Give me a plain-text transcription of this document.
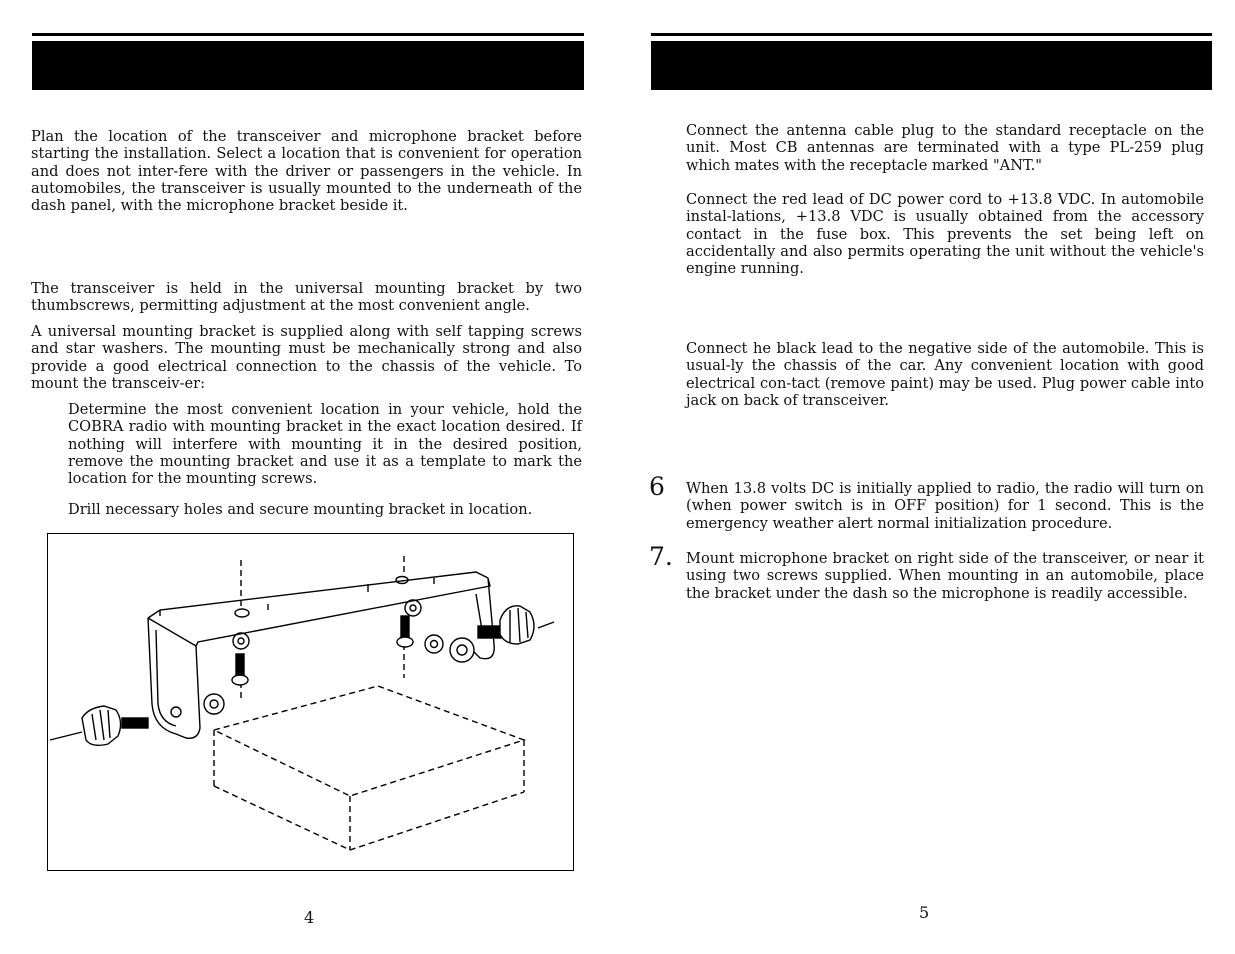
Plan the location of the transceiver and microphone bracket before starting the installation. Select a location that is convenient for operation and does not inter-fere with the driver or passengers in the vehicle. In automobiles, the transceiver is usually mounted to the underneath of the dash panel, with the microphone bracket beside it.

The transceiver is held in the universal mounting bracket by two thumbscrews, permitting adjustment at the most convenient angle.

A universal mounting bracket is supplied along with self tapping screws and star washers. The mounting must be mechanically strong and also provide a good electrical connection to the chassis of the vehicle. To mount the transceiv-er:

Determine the most convenient location in your vehicle, hold the COBRA radio with mounting bracket in the exact location desired. If nothing will interfere with mounting it in the desired position, remove the mounting bracket and use it as a template to mark the location for the mounting screws.

Drill necessary holes and secure mounting bracket in location.

4

Connect the antenna cable plug to the standard receptacle on the unit. Most CB antennas are terminated with a type PL-259 plug which mates with the receptacle marked "ANT."

Connect the red lead of DC power cord to +13.8 VDC. In automobile instal-lations, +13.8 VDC is usually obtained from the accessory contact in the fuse box. This prevents the set being left on accidentally and also permits operating the unit without the vehicle's engine running.

Connect he black lead to the negative side of the automobile. This is usual-ly the chassis of the car. Any convenient location with good electrical con-tact (remove paint) may be used. Plug power cable into jack on back of transceiver.

6 When 13.8 volts DC is initially applied to radio, the radio will turn on (when power switch is in OFF position) for 1 second. This is the emergency weather alert normal initialization procedure.

7. Mount microphone bracket on right side of the transceiver, or near it using two screws supplied. When mounting in an automobile, place the bracket under the dash so the microphone is readily accessible.

5
